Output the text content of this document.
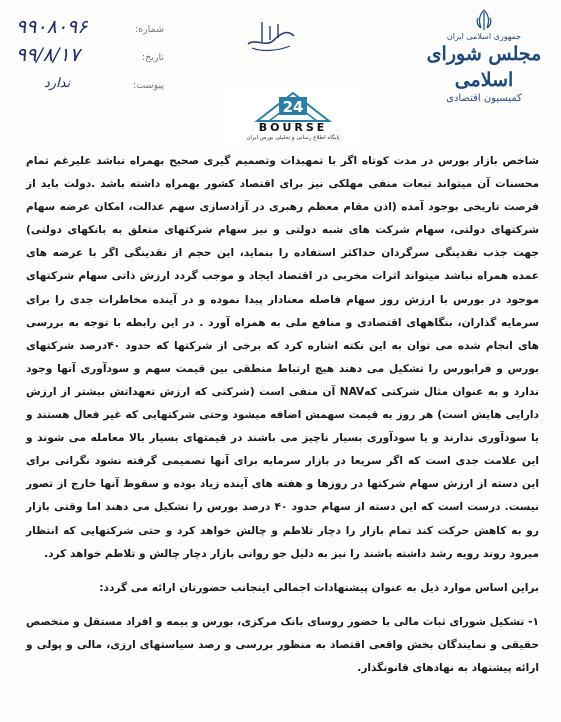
شماره:
۹۹۰۸۰۹۶
تاریخ:
۹۹/۸/۱۷
پیوست:
ندارد
جمهوری اسلامی ایران
مجلس شورای اسلامی
کمیسیون اقتصادی
24
BOURSE
پایگاه اطلاع رسانی و تحلیلی بورس ایران

شاخص بازار بورس در مدت کوتاه اگر با تمهیدات وتصمیم گیری صحیح بهمراه نباشد علیرغم تمام محسنات آن میتواند تبعات منفی مهلکی نیز برای اقتصاد کشور بهمراه داشته باشد .دولت باید از فرصت تاریخی بوجود آمده (اذن مقام معظم رهبری در آزادسازی سهم عدالت، امکان عرضه سهام شرکتهای دولتی، سهام شرکت های شبه دولتی و نیز سهام شرکتهای متعلق به بانکهای دولتی) جهت جذب نقدینگی سرگردان حداکثر استفاده را بنماید، این حجم از نقدینگی اگر با عرضه های عمده همراه نباشد میتواند اثرات مخربی در اقتصاد ایجاد و موجب گردد ارزش ذاتی سهام شرکتهای موجود در بورس با ارزش روز سهام فاصله معنادار پیدا نموده و در آینده مخاطرات جدی را برای سرمایه گذاران، بنگاههای اقتصادی و منافع ملی به همراه آورد . در این رابطه با توجه به بررسی های انجام شده می توان به این نکته اشاره کرد که برخی از شرکتها که حدود ۴۰درصد شرکتهای بورس و فرابورس را تشکیل می دهند هیچ ارتباط منطقی بین قیمت سهم و سودآوری آنها وجود ندارد و به عنوان مثال شرکتی کهNAV آن منفی است (شرکتی که ارزش تعهداتش بیشتر از ارزش دارایی هایش است) هر روز به قیمت سهمش اضافه میشود وحتی شرکتهایی که غیر فعال هستند و یا سودآوری ندارند و یا سودآوری بسیار ناچیز می باشند در قیمتهای بسیار بالا معامله می شوند و این علامت جدی است که اگر سریعا در بازار سرمایه برای آنها تصمیمی گرفته نشود نگرانی برای این دسته از ارزش سهام شرکتها در روزها و هفته های آینده زیاد بوده و سقوط آنها خارج از تصور نیست. درست است که این دسته از سهام حدود ۴۰ درصد بورس را تشکیل می دهند اما وقتی بازار رو به کاهش حرکت کند تمام بازار را دچار تلاطم و چالش خواهد کرد و حتی شرکتهایی که انتظار میرود روند رویه رشد داشته باشند را نیز به دلیل جو روانی بازار دچار چالش و تلاطم خواهد کرد.

براین اساس موارد ذیل به عنوان پیشنهادات اجمالی اینجانب حضورتان ارائه می گردد:

۱- تشکیل شورای ثبات مالی با حضور روسای بانک مرکزی، بورس و بیمه و افراد مستقل و متخصص حقیقی و نمایندگان بخش واقعی اقتصاد به منظور بررسی و رصد سیاستهای ارزی، مالی و پولی و ارائه پیشنهاد به نهادهای قانونگذار.
